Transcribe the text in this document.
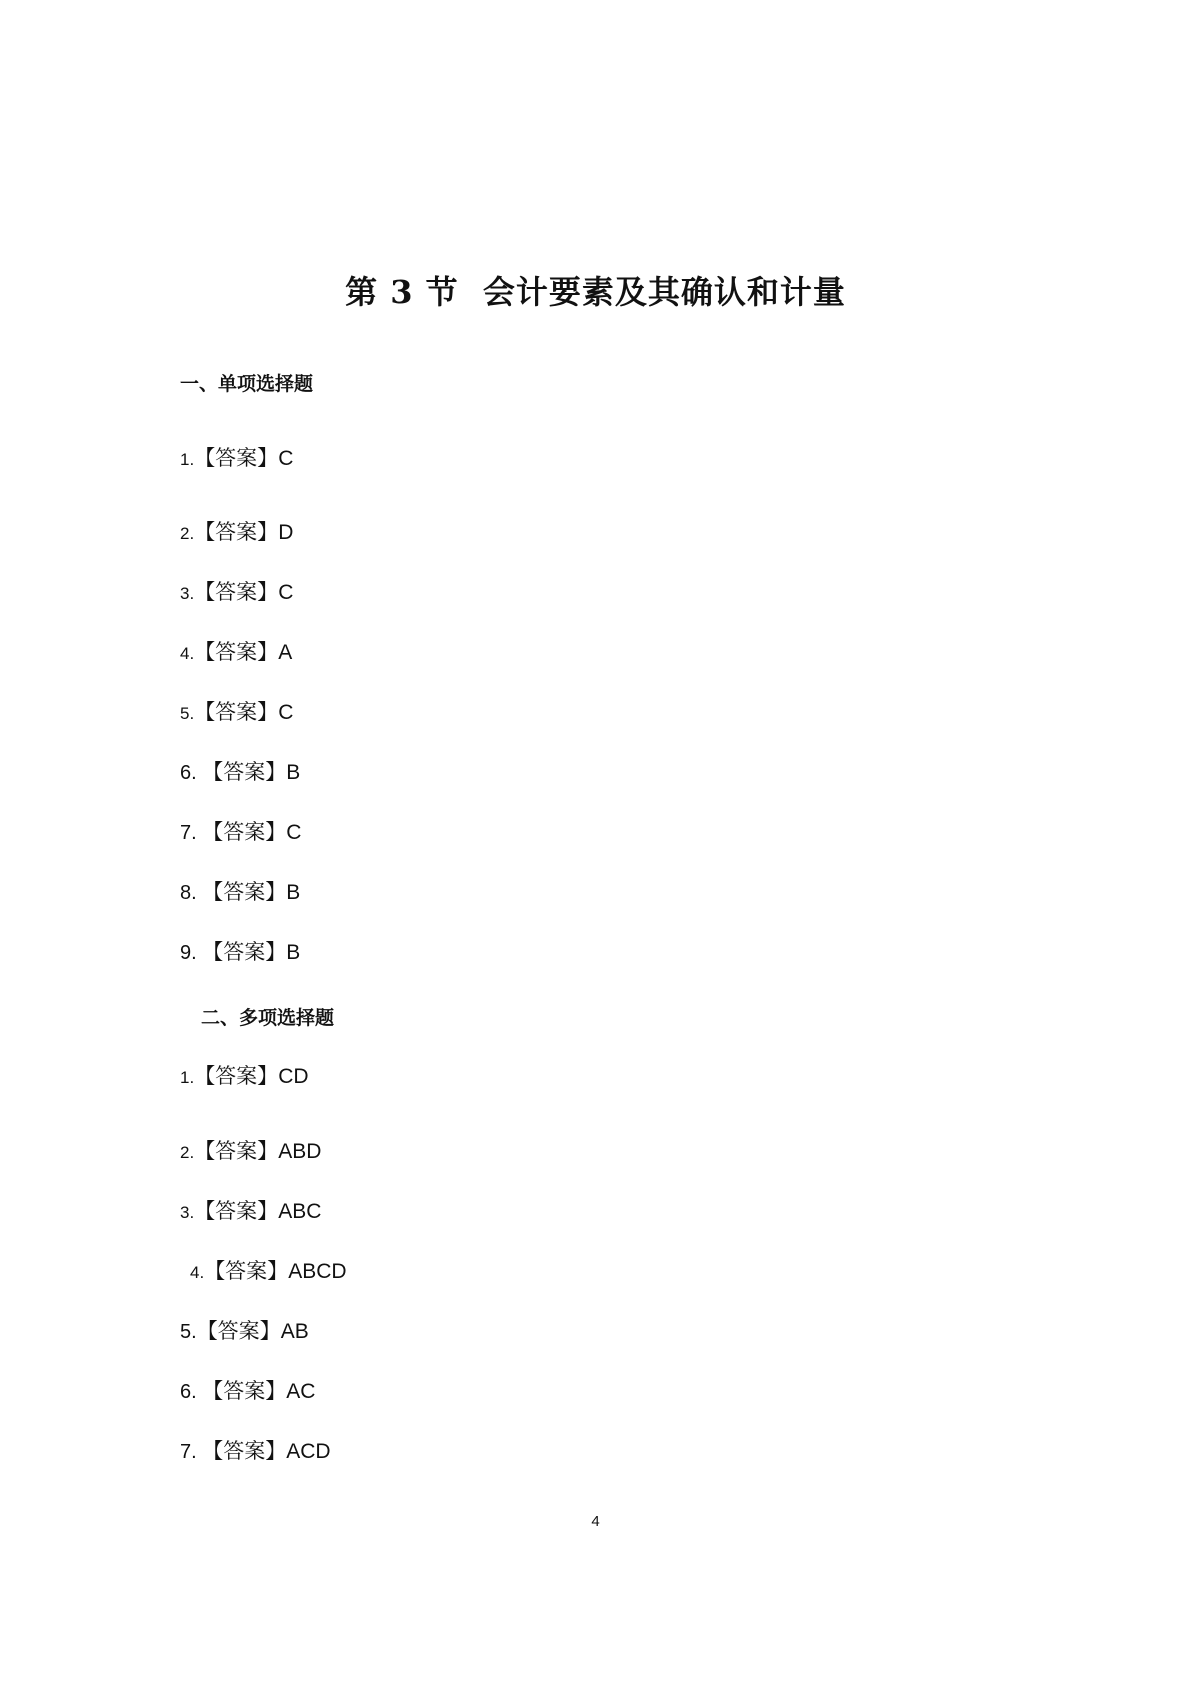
第 3 节  会计要素及其确认和计量
一、单项选择题
1.【答案】C
2.【答案】D
3.【答案】C
4.【答案】A
5.【答案】C
6. 【答案】B
7. 【答案】C
8. 【答案】B
9. 【答案】B
二、多项选择题
1.【答案】CD
2.【答案】ABD
3.【答案】ABC
4.【答案】ABCD
5.【答案】AB
6. 【答案】AC
7. 【答案】ACD
4
